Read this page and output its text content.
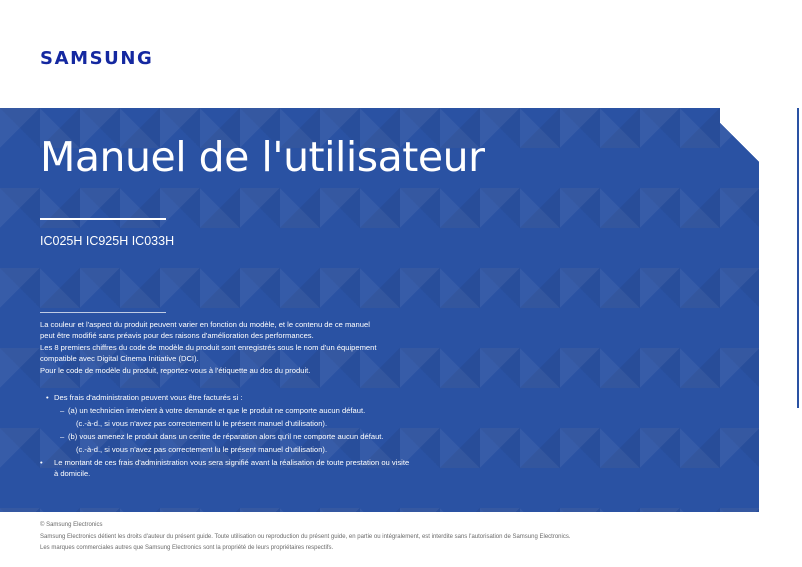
SAMSUNG
Manuel de l'utilisateur
IC025H IC925H IC033H

La couleur et l'aspect du produit peuvent varier en fonction du modèle, et le contenu de ce manuel peut être modifié sans préavis pour des raisons d'amélioration des performances.

Les 8 premiers chiffres du code de modèle du produit sont enregistrés sous le nom d'un équipement compatible avec Digital Cinema Initiative (DCI).

Pour le code de modèle du produit, reportez-vous à l'étiquette au dos du produit.

• Des frais d'administration peuvent vous être facturés si :
– (a) un technicien intervient à votre demande et que le produit ne comporte aucun défaut.
(c.-à-d., si vous n'avez pas correctement lu le présent manuel d'utilisation).
– (b) vous amenez le produit dans un centre de réparation alors qu'il ne comporte aucun défaut.
(c.-à-d., si vous n'avez pas correctement lu le présent manuel d'utilisation).
• Le montant de ces frais d'administration vous sera signifié avant la réalisation de toute prestation ou visite à domicile.
© Samsung Electronics
Samsung Electronics détient les droits d'auteur du présent guide. Toute utilisation ou reproduction du présent guide, en partie ou intégralement, est interdite sans l'autorisation de Samsung Electronics.
Les marques commerciales autres que Samsung Electronics sont la propriété de leurs propriétaires respectifs.
